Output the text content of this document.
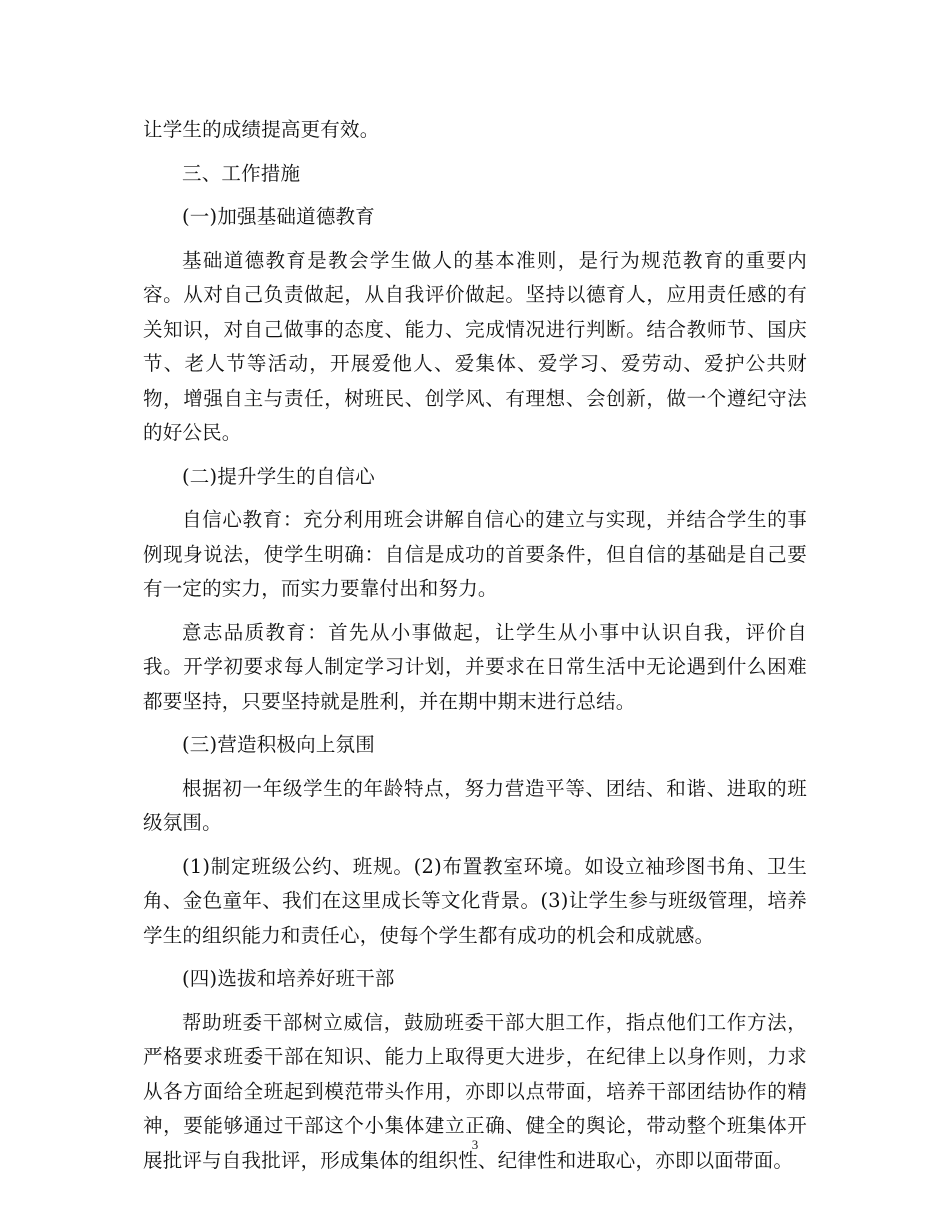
让学生的成绩提高更有效。

三、工作措施

(一)加强基础道德教育

基础道德教育是教会学生做人的基本准则，是行为规范教育的重要内容。从对自己负责做起，从自我评价做起。坚持以德育人，应用责任感的有关知识，对自己做事的态度、能力、完成情况进行判断。结合教师节、国庆节、老人节等活动，开展爱他人、爱集体、爱学习、爱劳动、爱护公共财物，增强自主与责任，树班民、创学风、有理想、会创新，做一个遵纪守法的好公民。

(二)提升学生的自信心

自信心教育：充分利用班会讲解自信心的建立与实现，并结合学生的事例现身说法，使学生明确：自信是成功的首要条件，但自信的基础是自己要有一定的实力，而实力要靠付出和努力。

意志品质教育：首先从小事做起，让学生从小事中认识自我，评价自我。开学初要求每人制定学习计划，并要求在日常生活中无论遇到什么困难都要坚持，只要坚持就是胜利，并在期中期末进行总结。

(三)营造积极向上氛围

根据初一年级学生的年龄特点，努力营造平等、团结、和谐、进取的班级氛围。

(1)制定班级公约、班规。(2)布置教室环境。如设立袖珍图书角、卫生角、金色童年、我们在这里成长等文化背景。(3)让学生参与班级管理，培养学生的组织能力和责任心，使每个学生都有成功的机会和成就感。

(四)选拔和培养好班干部

帮助班委干部树立威信，鼓励班委干部大胆工作，指点他们工作方法，严格要求班委干部在知识、能力上取得更大进步，在纪律上以身作则，力求从各方面给全班起到模范带头作用，亦即以点带面，培养干部团结协作的精神，要能够通过干部这个小集体建立正确、健全的舆论，带动整个班集体开展批评与自我批评，形成集体的组织性、纪律性和进取心，亦即以面带面。

3
